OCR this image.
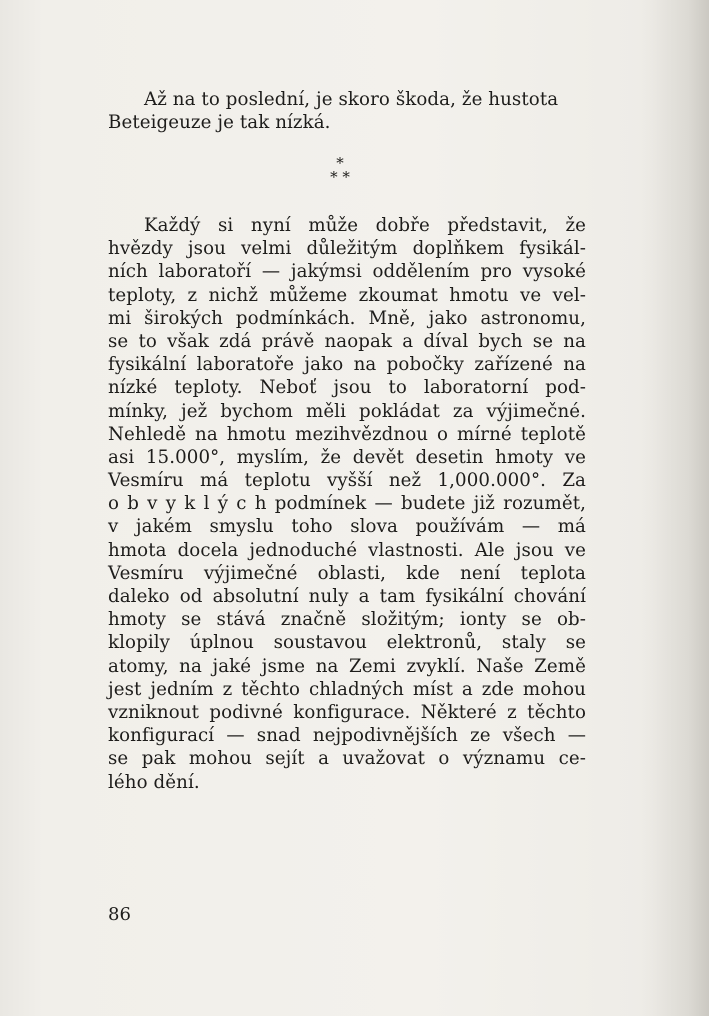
Až na to poslední, je skoro škoda, že hustota
Beteigeuze je tak nízká.
*
* *
Každý si nyní může dobře představit, že
hvězdy jsou velmi důležitým doplňkem fysikál-
ních laboratoří — jakýmsi oddělením pro vysoké
teploty, z nichž můžeme zkoumat hmotu ve vel-
mi širokých podmínkách. Mně, jako astronomu,
se to však zdá právě naopak a díval bych se na
fysikální laboratoře jako na pobočky zařízené na
nízké teploty. Neboť jsou to laboratorní pod-
mínky, jež bychom měli pokládat za výjimečné.
Nehledě na hmotu mezihvězdnou o mírné teplotě
asi 15.000°, myslím, že devět desetin hmoty ve
Vesmíru má teplotu vyšší než 1,000.000°. Za
o b v y k l ý c h podmínek — budete již rozumět,
v jakém smyslu toho slova používám — má
hmota docela jednoduché vlastnosti. Ale jsou ve
Vesmíru výjimečné oblasti, kde není teplota
daleko od absolutní nuly a tam fysikální chování
hmoty se stává značně složitým; ionty se ob-
klopily úplnou soustavou elektronů, staly se
atomy, na jaké jsme na Zemi zvyklí. Naše Země
jest jedním z těchto chladných míst a zde mohou
vzniknout podivné konfigurace. Některé z těchto
konfigurací — snad nejpodivnějších ze všech —
se pak mohou sejít a uvažovat o významu ce-
lého dění.
86
